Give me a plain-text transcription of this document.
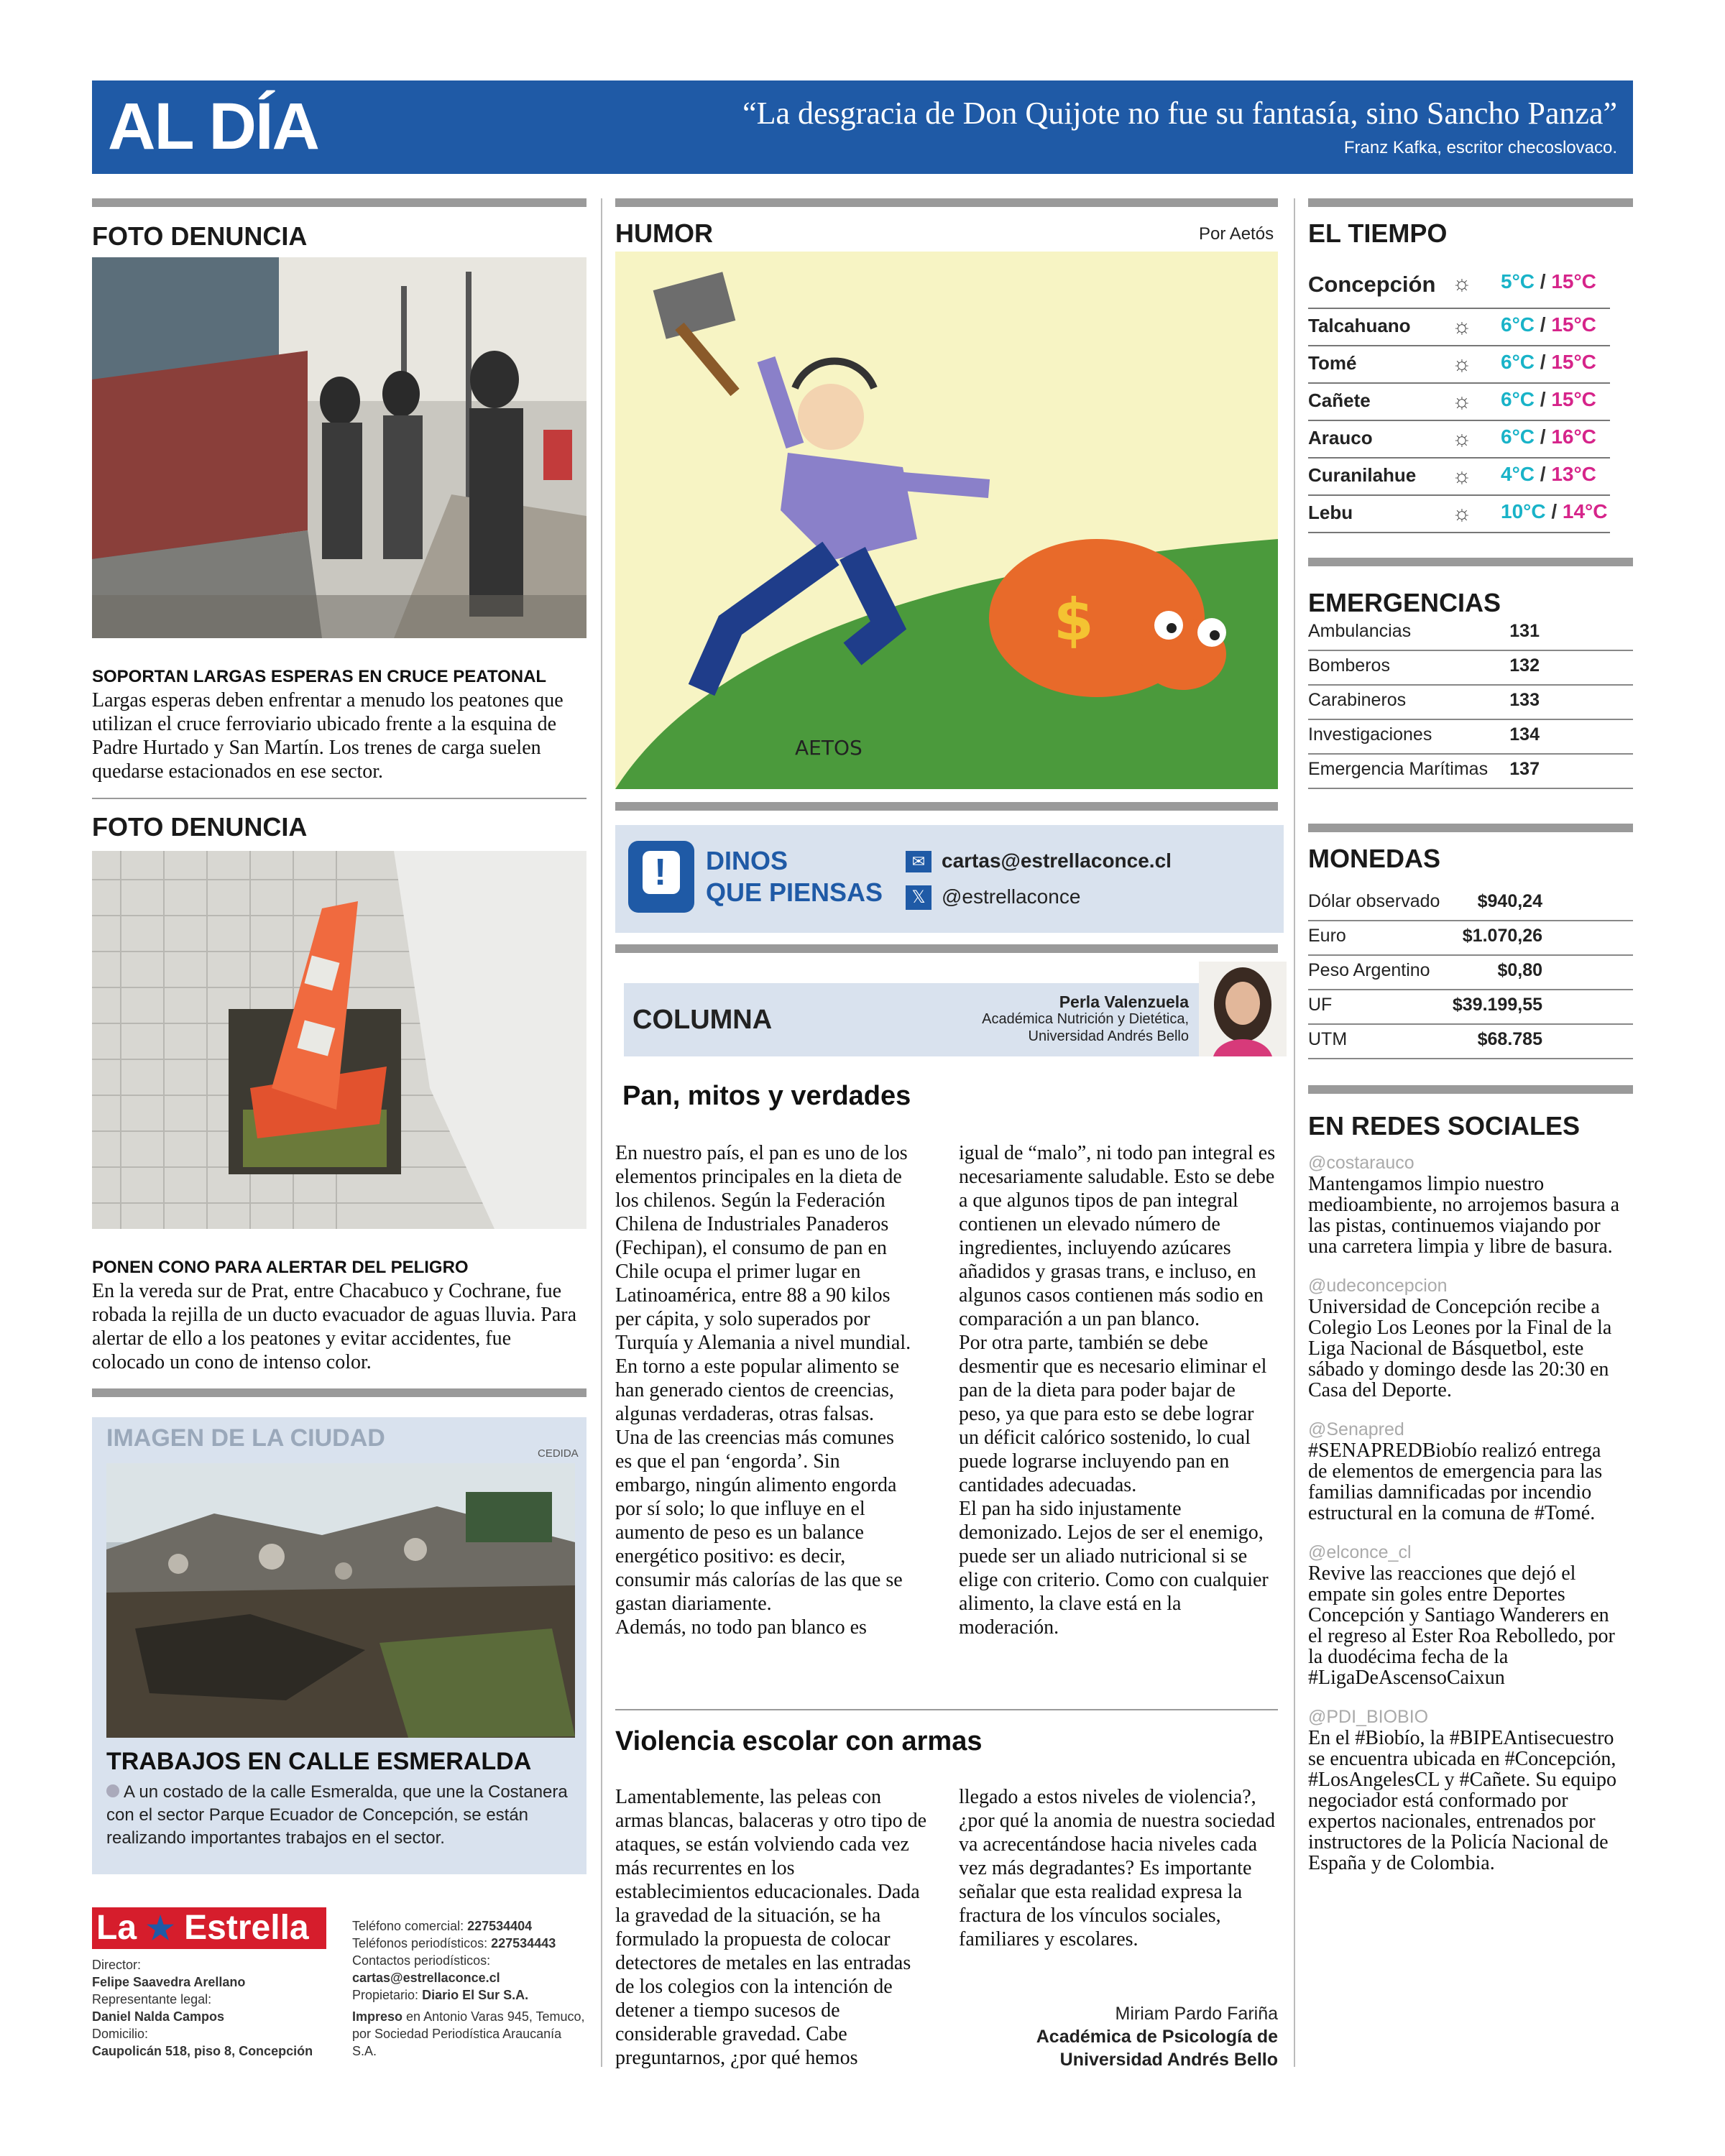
AL DÍA	“La desgracia de Don Quijote no fue su fantasía, sino Sancho Panza”
Franz Kafka, escritor checoslovaco.
FOTO DENUNCIA
SOPORTAN LARGAS ESPERAS EN CRUCE PEATONAL
Largas esperas deben enfrentar a menudo los peatones que utilizan el cruce ferroviario ubicado frente a la esquina de Padre Hurtado y San Martín. Los trenes de carga suelen quedarse estacionados en ese sector.
FOTO DENUNCIA
PONEN CONO PARA ALERTAR DEL PELIGRO
En la vereda sur de Prat, entre Chacabuco y Cochrane, fue robada la rejilla de un ducto evacuador de aguas lluvia. Para alertar de ello a los peatones y evitar accidentes, fue colocado un cono de intenso color.
IMAGEN DE LA CIUDAD
CEDIDA
TRABAJOS EN CALLE ESMERALDA
A un costado de la calle Esmeralda, que une la Costanera con el sector Parque Ecuador de Concepción, se están realizando importantes trabajos en el sector.
La ★ Estrella
Director:
Felipe Saavedra Arellano
Representante legal:
Daniel Nalda Campos
Domicilio:
Caupolicán 518, piso 8, Concepción
Teléfono comercial: 227534404
Teléfonos periodísticos: 227534443
Contactos periodísticos:
cartas@estrellaconce.cl
Propietario: Diario El Sur S.A.
Impreso en Antonio Varas 945, Temuco, por Sociedad Periodística Araucanía S.A.
HUMOR	Por Aetós
$
AETOS
! DINOS
QUE PIENSAS
✉ cartas@estrellaconce.cl
𝕏 @estrellaconce
COLUMNA
Perla Valenzuela
Académica Nutrición y Dietética,
Universidad Andrés Bello
Pan, mitos y verdades
En nuestro país, el pan es uno de los elementos principales en la dieta de los chilenos. Según la Federación Chilena de Industriales Panaderos (Fechipan), el consumo de pan en Chile ocupa el primer lugar en Latinoamérica, entre 88 a 90 kilos per cápita, y solo superados por Turquía y Alemania a nivel mundial.
En torno a este popular alimento se han generado cientos de creencias, algunas verdaderas, otras falsas.
Una de las creencias más comunes es que el pan ‘engorda’. Sin embargo, ningún alimento engorda por sí solo; lo que influye en el aumento de peso es un balance energético positivo: es decir, consumir más calorías de las que se gastan diariamente.
Además, no todo pan blanco es
igual de “malo”, ni todo pan integral es necesariamente saludable. Esto se debe a que algunos tipos de pan integral contienen un elevado número de ingredientes, incluyendo azúcares añadidos y grasas trans, e incluso, en algunos casos contienen más sodio en comparación a un pan blanco.
Por otra parte, también se debe desmentir que es necesario eliminar el pan de la dieta para poder bajar de peso, ya que para esto se debe lograr un déficit calórico sostenido, lo cual puede lograrse incluyendo pan en cantidades adecuadas.
El pan ha sido injustamente demonizado. Lejos de ser el enemigo, puede ser un aliado nutricional si se elige con criterio. Como con cualquier alimento, la clave está en la moderación.
Violencia escolar con armas
Lamentablemente, las peleas con armas blancas, balaceras y otro tipo de ataques, se están volviendo cada vez más recurrentes en los establecimientos educacionales. Dada la gravedad de la situación, se ha formulado la propuesta de colocar detectores de metales en las entradas de los colegios con la intención de detener a tiempo sucesos de considerable gravedad. Cabe preguntarnos, ¿por qué hemos
llegado a estos niveles de violencia?, ¿por qué la anomia de nuestra sociedad va acrecentándose hacia niveles cada vez más degradantes? Es importante señalar que esta realidad expresa la fractura de los vínculos sociales, familiares y escolares.
Miriam Pardo Fariña
Académica de Psicología de
Universidad Andrés Bello
EL TIEMPO
Concepción ☼ 5°C / 15°C
Talcahuano ☼ 6°C / 15°C
Tomé	☼ 6°C / 15°C
Cañete	☼ 6°C / 15°C
Arauco	☼ 6°C / 16°C
Curanilahue ☼ 4°C / 13°C
Lebu	☼ 10°C / 14°C
EMERGENCIAS
Ambulancias	131
Bomberos	132
Carabineros	133
Investigaciones	134
Emergencia Marítimas 137
MONEDAS
Dólar observado $940,24
Euro	$1.070,26
Peso Argentino	$0,80
UF	$39.199,55
UTM	$68.785
EN REDES SOCIALES
@costarauco
Mantengamos limpio nuestro medioambiente, no arrojemos basura a las pistas, continuemos viajando por una carretera limpia y libre de basura.
@udeconcepcion
Universidad de Concepción recibe a Colegio Los Leones por la Final de la Liga Nacional de Básquetbol, este sábado y domingo desde las 20:30 en Casa del Deporte.
@Senapred
#SENAPREDBiobío realizó entrega de elementos de emergencia para las familias damnificadas por incendio estructural en la comuna de #Tomé.
@elconce_cl
Revive las reacciones que dejó el empate sin goles entre Deportes Concepción y Santiago Wanderers en el regreso al Ester Roa Rebolledo, por la duodécima fecha de la #LigaDeAscensoCaixun
@PDI_BIOBIO
En el #Biobío, la #BIPEAntisecuestro se encuentra ubicada en #Concepción, #LosAngelesCL y #Cañete. Su equipo negociador está conformado por expertos nacionales, entrenados por instructores de la Policía Nacional de España y de Colombia.
